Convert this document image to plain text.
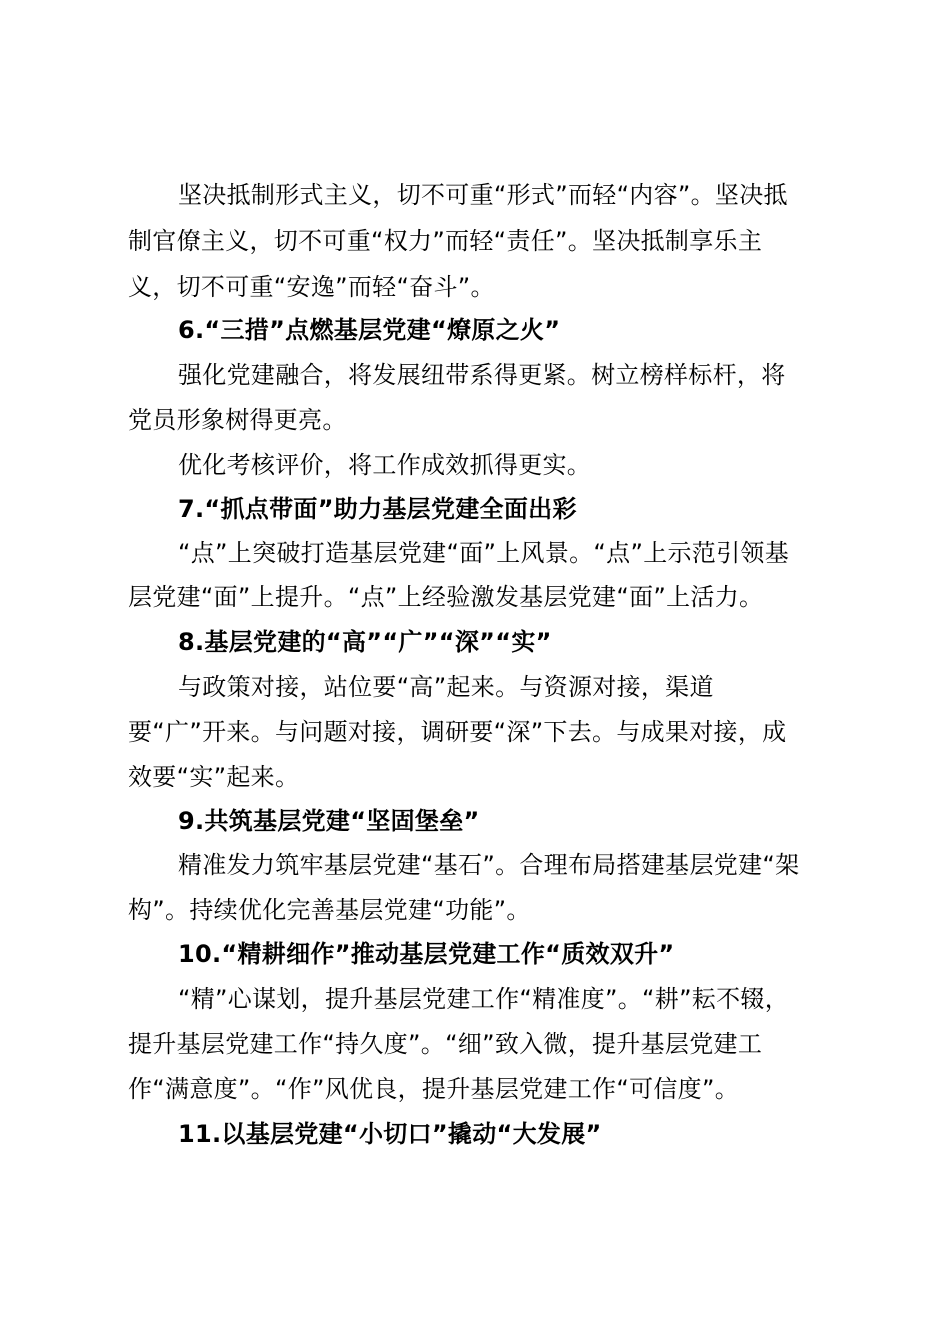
坚决抵制形式主义，切不可重“形式”而轻“内容”。坚决抵
制官僚主义，切不可重“权力”而轻“责任”。坚决抵制享乐主
义，切不可重“安逸”而轻“奋斗”。
6.“三措”点燃基层党建“燎原之火”
强化党建融合，将发展纽带系得更紧。树立榜样标杆，将
党员形象树得更亮。
优化考核评价，将工作成效抓得更实。
7.“抓点带面”助力基层党建全面出彩
“点”上突破打造基层党建“面”上风景。“点”上示范引领基
层党建“面”上提升。“点”上经验激发基层党建“面”上活力。
8.基层党建的“高”“广”“深”“实”
与政策对接，站位要“高”起来。与资源对接，渠道
要“广”开来。与问题对接，调研要“深”下去。与成果对接，成
效要“实”起来。
9.共筑基层党建“坚固堡垒”
精准发力筑牢基层党建“基石”。合理布局搭建基层党建“架
构”。持续优化完善基层党建“功能”。
10.“精耕细作”推动基层党建工作“质效双升”
“精”心谋划，提升基层党建工作“精准度”。“耕”耘不辍，
提升基层党建工作“持久度”。“细”致入微，提升基层党建工
作“满意度”。“作”风优良，提升基层党建工作“可信度”。
11.以基层党建“小切口”撬动“大发展”
